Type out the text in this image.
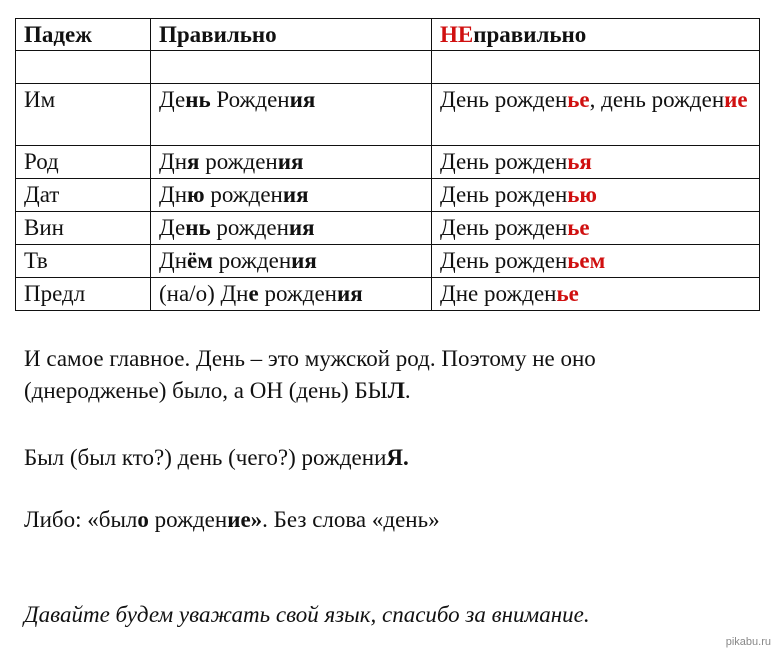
Падеж	Правильно	НЕправильно

Им	День Рождения	День рожденье, день рождение
Род	Дня рождения	День рожденья
Дат	Дню рождения	День рожденью
Вин	День рождения	День рожденье
Тв	Днём рождения	День рожденьем
Предл	(на/о) Дне рождения	Дне рожденье
И самое главное. День – это мужской род. Поэтому не оно
(днеродженье) было, а ОН (день) БЫЛ.
Был (был кто?) день (чего?) рождениЯ.
Либо: «было рождение». Без слова «день»
Давайте будем уважать свой язык, спасибо за внимание.
pikabu.ru
